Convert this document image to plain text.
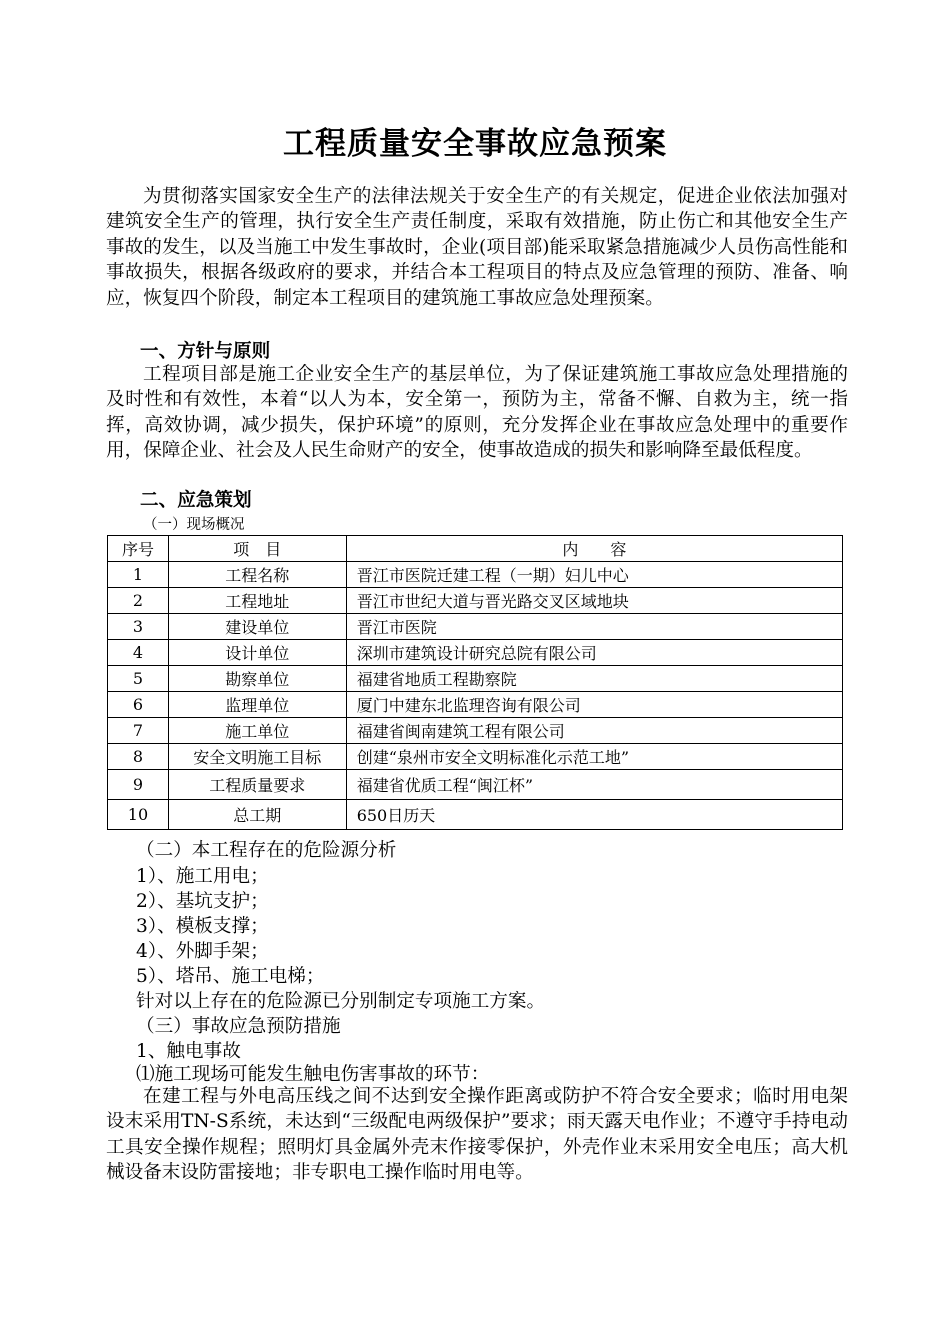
工程质量安全事故应急预案

为贯彻落实国家安全生产的法律法规关于安全生产的有关规定，促进企业依法加强对建筑安全生产的管理，执行安全生产责任制度，采取有效措施，防止伤亡和其他安全生产事故的发生，以及当施工中发生事故时，企业(项目部)能采取紧急措施减少人员伤高性能和事故损失，根据各级政府的要求，并结合本工程项目的特点及应急管理的预防、准备、响应，恢复四个阶段，制定本工程项目的建筑施工事故应急处理预案。

一、方针与原则

工程项目部是施工企业安全生产的基层单位，为了保证建筑施工事故应急处理措施的及时性和有效性，本着“以人为本，安全第一，预防为主，常备不懈、自救为主，统一指挥，高效协调，减少损失，保护环境”的原则，充分发挥企业在事故应急处理中的重要作用，保障企业、社会及人民生命财产的安全，使事故造成的损失和影响降至最低程度。

二、应急策划

（一）现场概况

序号	项　目	内　　容
1	工程名称	晋江市医院迁建工程（一期）妇儿中心
2	工程地址	晋江市世纪大道与晋光路交叉区域地块
3	建设单位	晋江市医院
4	设计单位	深圳市建筑设计研究总院有限公司
5	勘察单位	福建省地质工程勘察院
6	监理单位	厦门中建东北监理咨询有限公司
7	施工单位	福建省闽南建筑工程有限公司
8	安全文明施工目标	创建“泉州市安全文明标准化示范工地”
9	工程质量要求	福建省优质工程“闽江杯”
10	总工期	650日历天

（二）本工程存在的危险源分析

1）、施工用电；

2）、基坑支护；

3）、模板支撑；

4）、外脚手架；

5）、塔吊、施工电梯；

针对以上存在的危险源已分别制定专项施工方案。

（三）事故应急预防措施

1、触电事故

⑴施工现场可能发生触电伤害事故的环节：

在建工程与外电高压线之间不达到安全操作距离或防护不符合安全要求；临时用电架设末采用TN-S系统，未达到“三级配电两级保护”要求；雨天露天电作业；不遵守手持电动工具安全操作规程；照明灯具金属外壳末作接零保护，外壳作业末采用安全电压；高大机械设备末设防雷接地；非专职电工操作临时用电等。
